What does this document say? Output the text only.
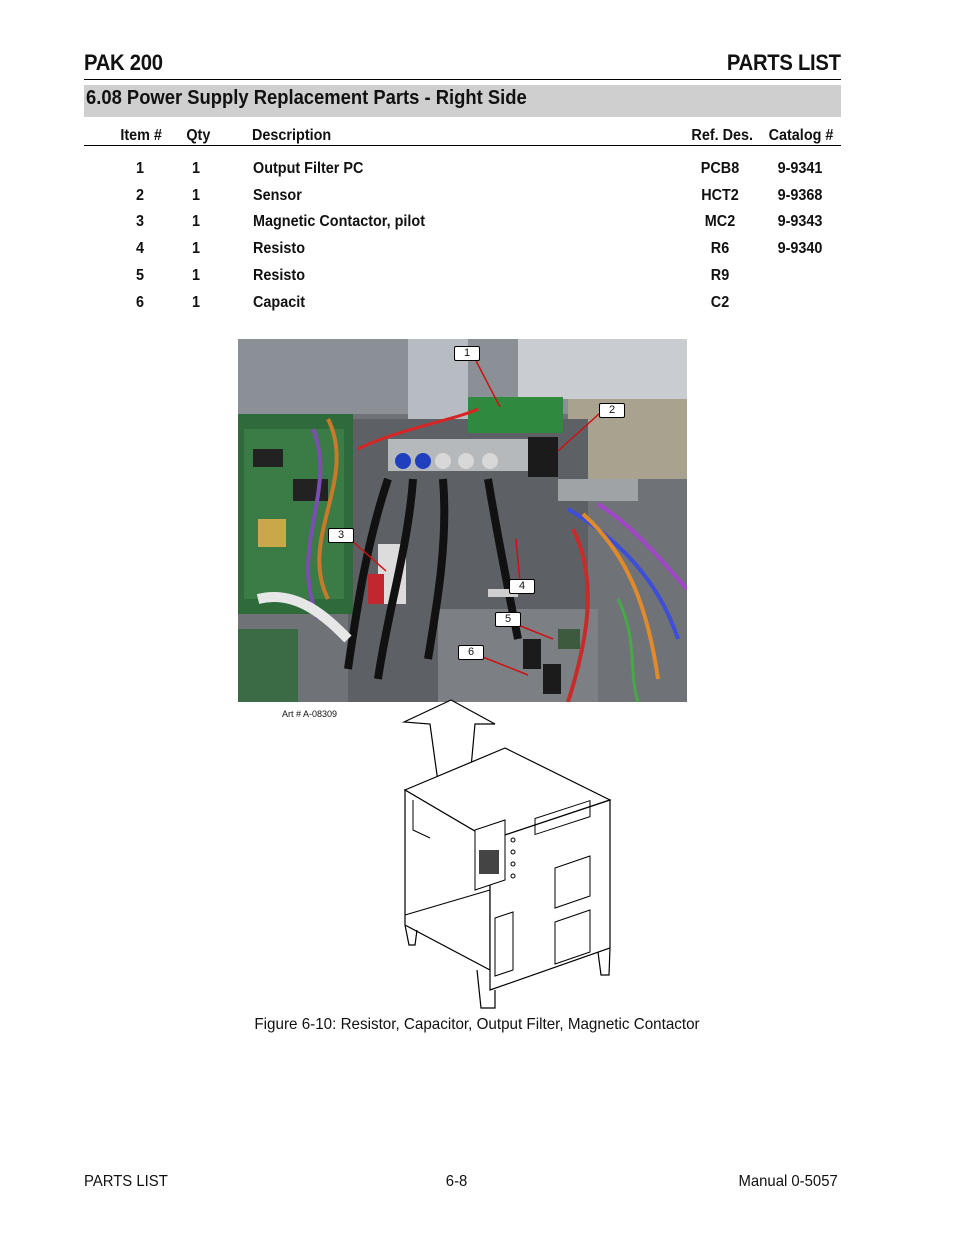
PAK 200	PARTS LIST
6.08 Power Supply Replacement Parts - Right Side
Item # Qty	Description	Ref. Des. Catalog #
1	1	Output Filter PC	PCB8	9-9341
2	1	Sensor	HCT2	9-9368
3	1	Magnetic Contactor, pilot	MC2	9-9343
4	1	Resisto	R6	9-9340
5	1	Resisto	R9
6	1	Capacit	C2
1
2
3
4
5
6
Art # A-08309
Figure 6-10: Resistor, Capacitor, Output Filter, Magnetic Contactor
PARTS LIST	6-8	Manual 0-5057
